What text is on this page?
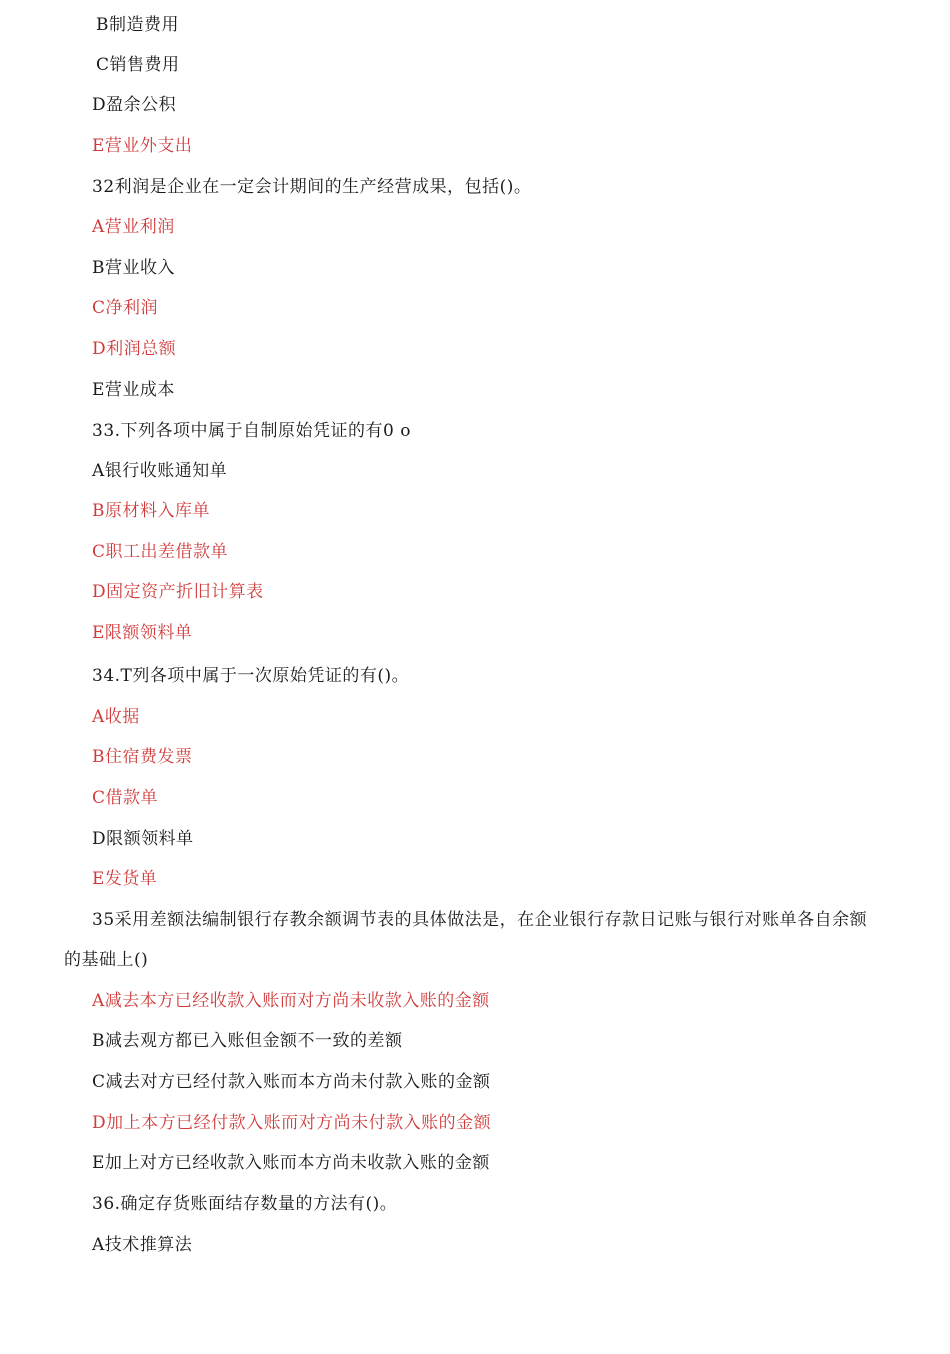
B制造费用
C销售费用
D盈余公积
E营业外支出
32利润是企业在一定会计期间的生产经营成果，包括()。
A营业利润
B营业收入
C净利润
D利润总额
E营业成本
33.下列各项中属于自制原始凭证的有0 o
A银行收账通知单
B原材料入库单
C职工出差借款单
D固定资产折旧计算表
E限额领料单
34.T列各项中属于一次原始凭证的有()。
A收据
B住宿费发票
C借款单
D限额领料单
E发货单
35采用差额法编制银行存教余额调节表的具体做法是，在企业银行存款日记账与银行对账单各自余额
的基础上()
A减去本方已经收款入账而对方尚未收款入账的金额
B减去观方都已入账但金额不一致的差额
C减去对方已经付款入账而本方尚未付款入账的金额
D加上本方已经付款入账而对方尚未付款入账的金额
E加上对方已经收款入账而本方尚未收款入账的金额
36.确定存货账面结存数量的方法有()。
A技术推算法
